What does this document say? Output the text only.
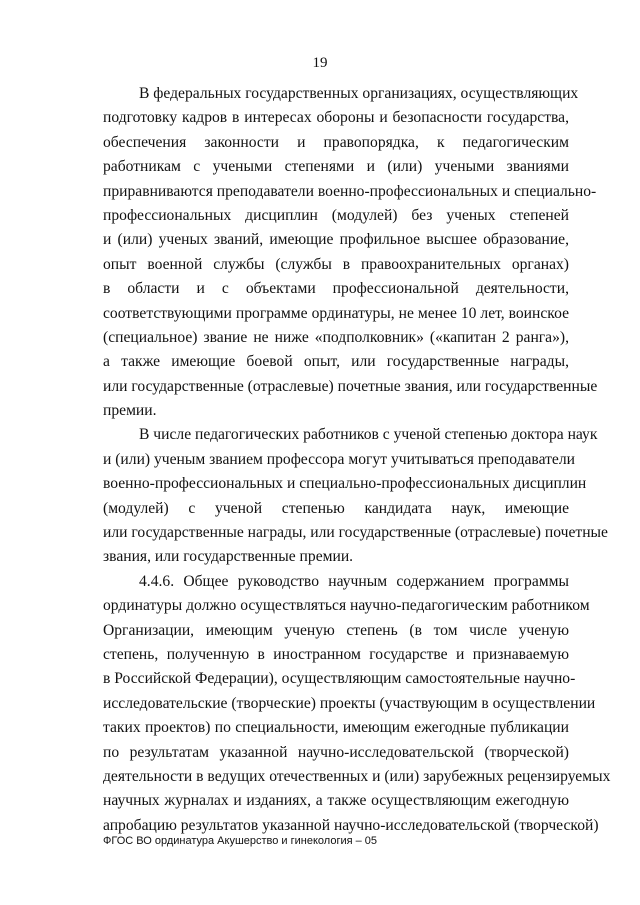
19
В федеральных государственных организациях, осуществляющих
подготовку кадров в интересах обороны и безопасности государства,
обеспечения законности и правопорядка, к педагогическим
работникам с учеными степенями и (или) учеными званиями
приравниваются преподаватели военно-профессиональных и специально-
профессиональных дисциплин (модулей) без ученых степеней
и (или) ученых званий, имеющие профильное высшее образование,
опыт военной службы (службы в правоохранительных органах)
в области и с объектами профессиональной деятельности,
соответствующими программе ординатуры, не менее 10 лет, воинское
(специальное) звание не ниже «подполковник» («капитан 2 ранга»),
а также имеющие боевой опыт, или государственные награды,
или государственные (отраслевые) почетные звания, или государственные
премии.
В числе педагогических работников с ученой степенью доктора наук
и (или) ученым званием профессора могут учитываться преподаватели
военно-профессиональных и специально-профессиональных дисциплин
(модулей) с ученой степенью кандидата наук, имеющие
или государственные награды, или государственные (отраслевые) почетные
звания, или государственные премии.
4.4.6. Общее руководство научным содержанием программы
ординатуры должно осуществляться научно-педагогическим работником
Организации, имеющим ученую степень (в том числе ученую
степень, полученную в иностранном государстве и признаваемую
в Российской Федерации), осуществляющим самостоятельные научно-
исследовательские (творческие) проекты (участвующим в осуществлении
таких проектов) по специальности, имеющим ежегодные публикации
по результатам указанной научно-исследовательской (творческой)
деятельности в ведущих отечественных и (или) зарубежных рецензируемых
научных журналах и изданиях, а также осуществляющим ежегодную
апробацию результатов указанной научно-исследовательской (творческой)
ФГОС ВО ординатура Акушерство и гинекология – 05
